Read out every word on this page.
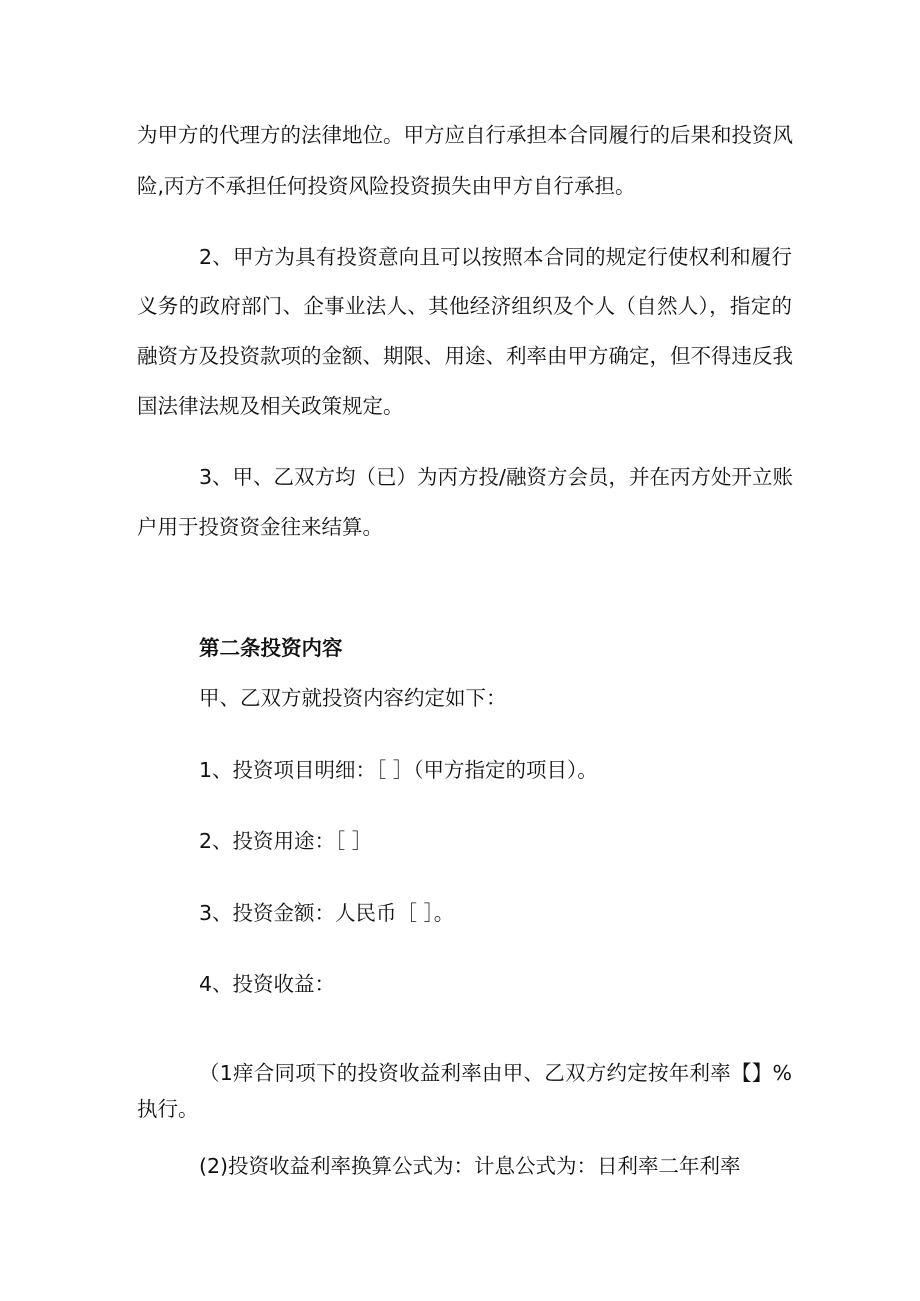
为甲方的代理方的法律地位。甲方应自行承担本合同履行的后果和投资风
险,丙方不承担任何投资风险投资损失由甲方自行承担。
2、甲方为具有投资意向且可以按照本合同的规定行使权利和履行
义务的政府部门、企事业法人、其他经济组织及个人（自然人），指定的
融资方及投资款项的金额、期限、用途、利率由甲方确定，但不得违反我
国法律法规及相关政策规定。
3、甲、乙双方均（已）为丙方投/融资方会员，并在丙方处开立账
户用于投资资金往来结算。
第二条投资内容
甲、乙双方就投资内容约定如下：
1、投资项目明细：［ ］（甲方指定的项目）。
2、投资用途：［ ］
3、投资金额：人民币［ ］。
4、投资收益：
（1痒合同项下的投资收益利率由甲、乙双方约定按年利率【】%
执行。
(2)投资收益利率换算公式为：计息公式为：日利率二年利率
